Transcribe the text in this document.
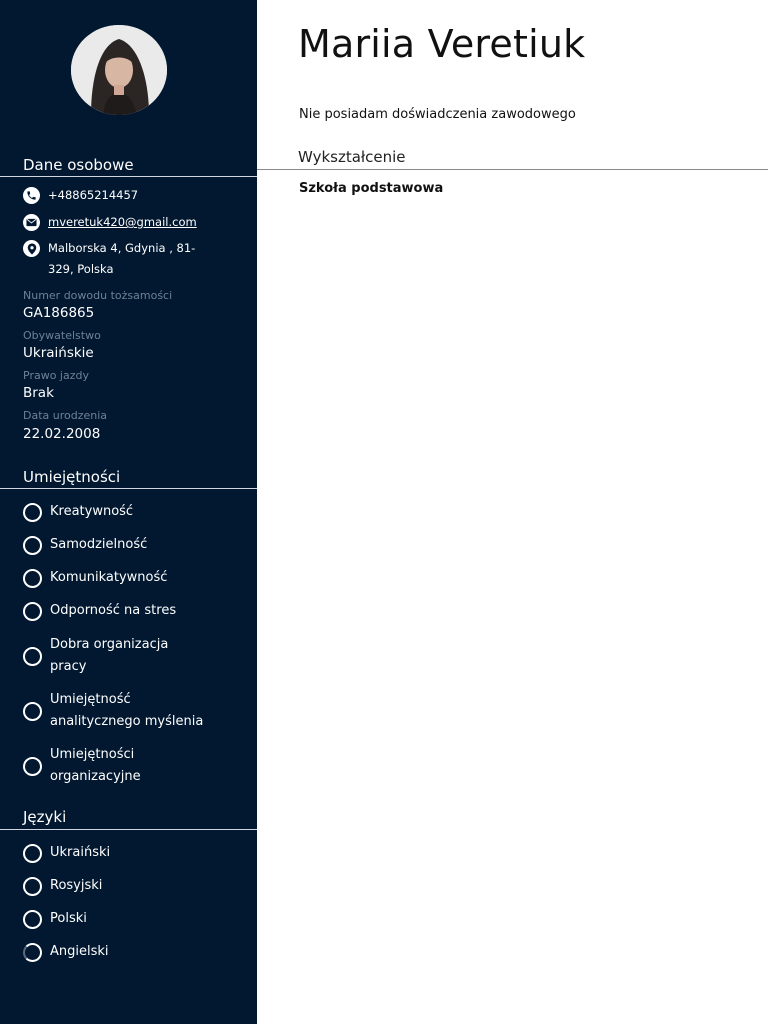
Dane osobowe
+48865214457
mveretuk420@gmail.com
Malborska 4, Gdynia , 81-
329, Polska
Numer dowodu tożsamości
GA186865
Obywatelstwo
Ukraińskie
Prawo jazdy
Brak
Data urodzenia
22.02.2008
Umiejętności
Kreatywność
Samodzielność
Komunikatywność
Odporność na stres
Dobra organizacja
pracy
Umiejętność
analitycznego myślenia
Umiejętności
organizacyjne
Języki
Ukraiński
Rosyjski
Polski
Angielski
Mariia Veretiuk
Nie posiadam doświadczenia zawodowego
Wykształcenie
Szkoła podstawowa
